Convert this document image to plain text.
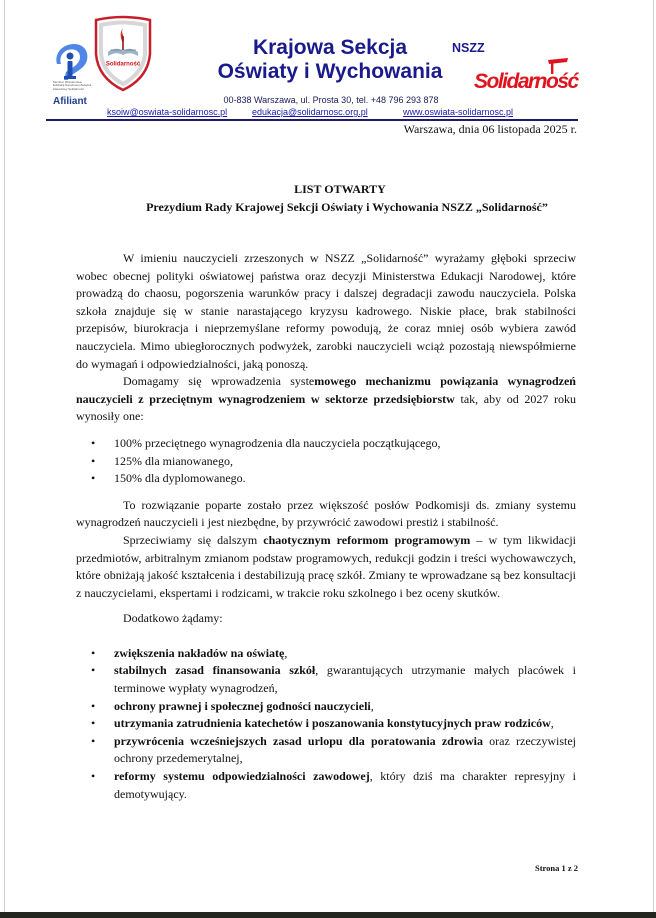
Member Ministerstwa Edukacji Narodowej Związek Zawodowy Solidarność
Solidarność
Afiliant
Krajowa Sekcja
Oświaty i Wychowania
NSZZ
Solidarność
00-838 Warszawa, ul. Prosta 30, tel. +48 796 293 878
ksoiw@oswiata-solidarnosc.pl	edukacja@solidarnosc.org.pl	www.oswiata-solidarnosc.pl
Warszawa, dnia 06 listopada 2025 r.
LIST OTWARTY
Prezydium Rady Krajowej Sekcji Oświaty i Wychowania NSZZ „Solidarność”

W imieniu nauczycieli zrzeszonych w NSZZ „Solidarność” wyrażamy głęboki sprzeciw wobec obecnej polityki oświatowej państwa oraz decyzji Ministerstwa Edukacji Narodowej, które prowadzą do chaosu, pogorszenia warunków pracy i dalszej degradacji zawodu nauczyciela. Polska szkoła znajduje się w stanie narastającego kryzysu kadrowego. Niskie płace, brak stabilności przepisów, biurokracja i nieprzemyślane reformy powodują, że coraz mniej osób wybiera zawód nauczyciela. Mimo ubiegłorocznych podwyżek, zarobki nauczycieli wciąż pozostają niewspółmierne do wymagań i odpowiedzialności, jaką ponoszą.

Domagamy się wprowadzenia systemowego mechanizmu powiązania wynagrodzeń nauczycieli z przeciętnym wynagrodzeniem w sektorze przedsiębiorstw tak, aby od 2027 roku wynosiły one:

• 100% przeciętnego wynagrodzenia dla nauczyciela początkującego,
• 125% dla mianowanego,
• 150% dla dyplomowanego.

To rozwiązanie poparte zostało przez większość posłów Podkomisji ds. zmiany systemu wynagrodzeń nauczycieli i jest niezbędne, by przywrócić zawodowi prestiż i stabilność.

Sprzeciwiamy się dalszym chaotycznym reformom programowym – w tym likwidacji przedmiotów, arbitralnym zmianom podstaw programowych, redukcji godzin i treści wychowawczych, które obniżają jakość kształcenia i destabilizują pracę szkół. Zmiany te wprowadzane są bez konsultacji z nauczycielami, ekspertami i rodzicami, w trakcie roku szkolnego i bez oceny skutków.

Dodatkowo żądamy:

• zwiększenia nakładów na oświatę,
• stabilnych zasad finansowania szkół, gwarantujących utrzymanie małych placówek i terminowe wypłaty wynagrodzeń,
• ochrony prawnej i społecznej godności nauczycieli,
• utrzymania zatrudnienia katechetów i poszanowania konstytucyjnych praw rodziców,
• przywrócenia wcześniejszych zasad urlopu dla poratowania zdrowia oraz rzeczywistej ochrony przedemerytalnej,
• reformy systemu odpowiedzialności zawodowej, który dziś ma charakter represyjny i demotywujący.
Strona 1 z 2
